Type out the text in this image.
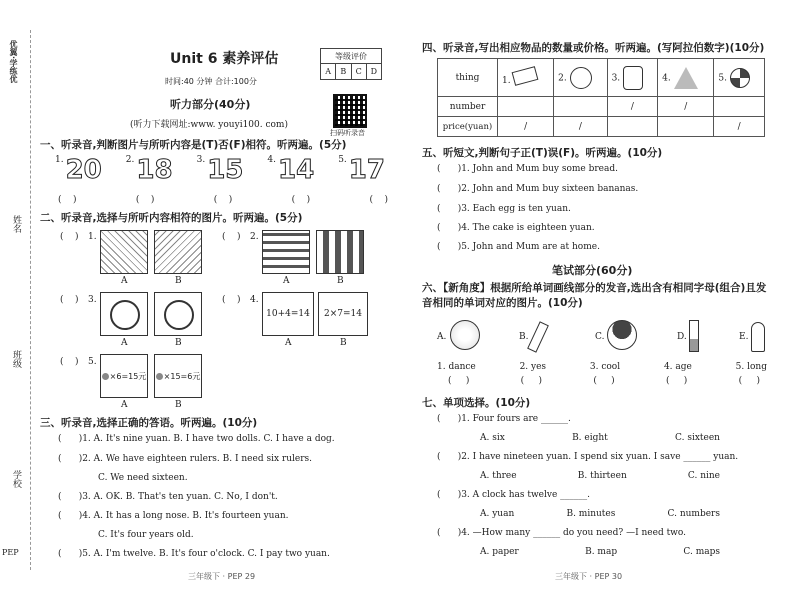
优翼·学练优
姓名
班级
学校
PEP
Unit 6 素养评估
时间:40 分钟 合计:100分
等级评价
A	B	C	D
扫码听录音
听力部分(40分)
(听力下载网址:www. youyi100. com)
一、听录音,判断图片与所听内容是(T)否(F)相符。听两遍。(5分)
1. 20	2. 18	3. 15	4. 14	5. 17
(    )	(    )	(    )	(    )	(    )
二、听录音,选择与所听内容相符的图片。听两遍。(5分)
(    ) 1.
A	B
(    ) 2.
A	B
(    ) 3.
A	B
(    ) 4.
10+4=14	2×7=14
A	B
(    ) 5.
×6=15元 ×15=6元
A	B
三、听录音,选择正确的答语。听两遍。(10分)
(      )1. A. It's nine yuan. B. I have two dolls. C. I have a dog.
(      )2. A. We have eighteen rulers. B. I need six rulers.
C. We need sixteen.
(      )3. A. OK. B. That's ten yuan. C. No, I don't.
(      )4. A. It has a long nose. B. It's fourteen yuan.
C. It's four years old.
(      )5. A. I'm twelve. B. It's four o'clock. C. I pay two yuan.
三年级下 · PEP 29
四、听录音,写出相应物品的数量或价格。听两遍。(写阿拉伯数字)(10分)
thing	1.	2.	3.	4.	5.
number			/	/	
price(yuan)	/	/			/
五、听短文,判断句子正(T)误(F)。听两遍。(10分)
(      )1. John and Mum buy some bread.
(      )2. John and Mum buy sixteen bananas.
(      )3. Each egg is ten yuan.
(      )4. The cake is eighteen yuan.
(      )5. John and Mum are at home.
笔试部分(60分)
六、【新角度】根据所给单词画线部分的发音,选出含有相同字母(组合)且发音相同的单词对应的图片。(10分)
A.	B.	C.	D.	E.
1. dance	2. yes	3. cool	4. age	5. long
(     )	(     )	(     )	(     )	(     )
七、单项选择。(10分)
(      )1. Four fours are ______.
A. six	B. eight	C. sixteen
(      )2. I have nineteen yuan. I spend six yuan. I save ______ yuan.
A. three	B. thirteen	C. nine
(      )3. A clock has twelve ______.
A. yuan	B. minutes	C. numbers
(      )4. —How many ______ do you need? —I need two.
A. paper	B. map	C. maps
三年级下 · PEP 30
